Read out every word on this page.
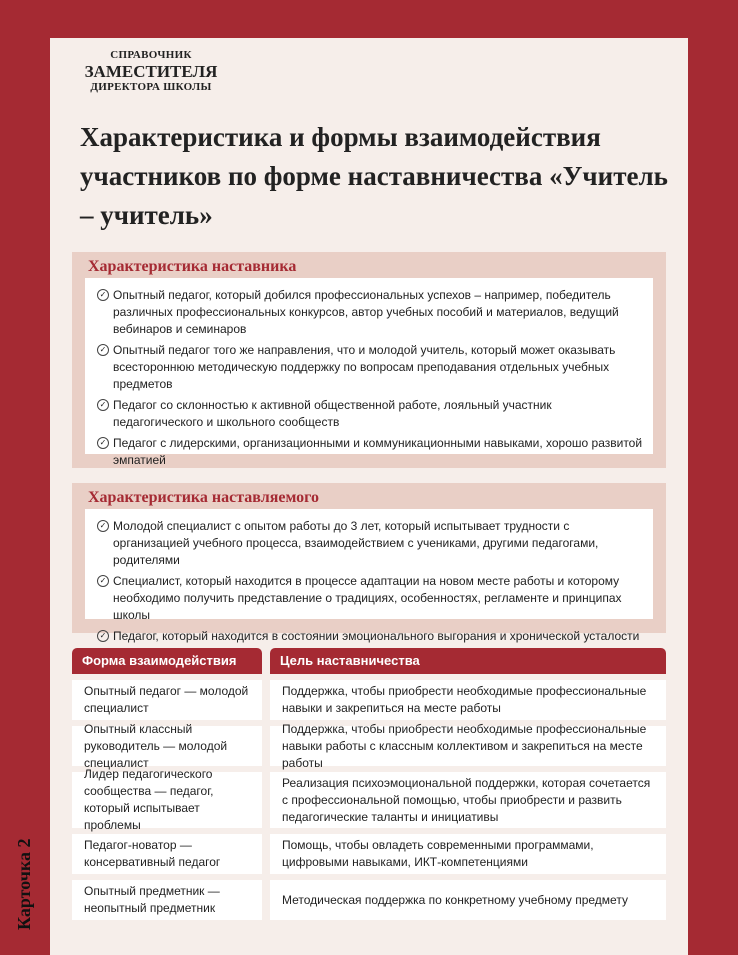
СПРАВОЧНИК
ЗАМЕСТИТЕЛЯ
ДИРЕКТОРА ШКОЛЫ
Характеристика и формы взаимодействия участников по форме наставничества «Учитель – учитель»
Характеристика наставника
✓ Опытный педагог, который добился профессиональных успехов – например, победитель различных профессиональных конкурсов, автор учебных пособий и материалов, ведущий вебинаров и семинаров
✓ Опытный педагог того же направления, что и молодой учитель, который может оказывать всестороннюю методическую поддержку по вопросам преподавания отдельных учебных предметов
✓ Педагог со склонностью к активной общественной работе, лояльный участник педагогического и школьного сообществ
✓ Педагог с лидерскими, организационными и коммуникационными навыками, хорошо развитой эмпатией
Характеристика наставляемого
✓ Молодой специалист с опытом работы до 3 лет, который испытывает трудности с организацией учебного процесса, взаимодействием с учениками, другими педагогами, родителями
✓ Специалист, который находится в процессе адаптации на новом месте работы и которому необходимо получить представление о традициях, особенностях, регламенте и принципах школы
✓ Педагог, который находится в состоянии эмоционального выгорания и хронической усталости
Форма взаимодействия	Цель наставничества
Опытный педагог — молодой специалист
Поддержка, чтобы приобрести необходимые профессиональные навыки и закрепиться на месте работы
Опытный классный руководитель — молодой специалист
Поддержка, чтобы приобрести необходимые профессиональные навыки работы с классным коллективом и закрепиться на месте работы
Лидер педагогического сообщества — педагог, который испытывает проблемы
Реализация психоэмоциональной поддержки, которая сочетается с профессиональной помощью, чтобы приобрести и развить педагогические таланты и инициативы
Педагог-новатор — консервативный педагог
Помощь, чтобы овладеть современными программами, цифровыми навыками, ИКТ-компетенциями
Опытный предметник — неопытный предметник
Методическая поддержка по конкретному учебному предмету
Карточка 2
